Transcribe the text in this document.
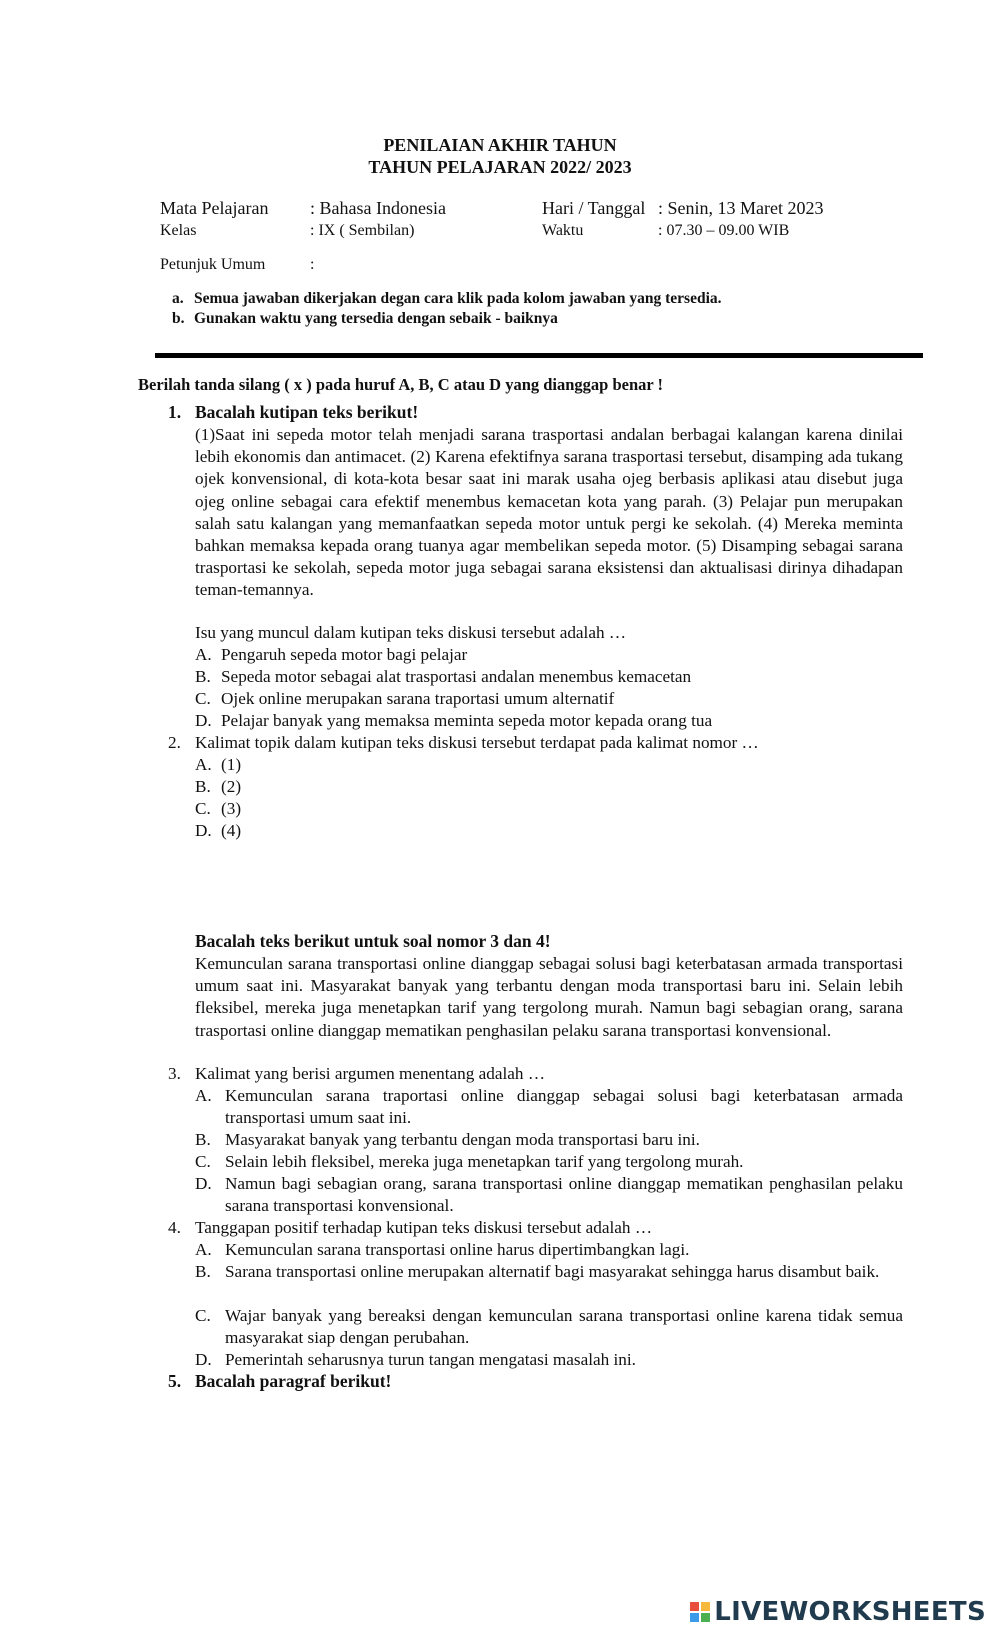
PENILAIAN AKHIR TAHUN
TAHUN PELAJARAN 2022/ 2023
Mata Pelajaran : Bahasa Indonesia	Hari / Tanggal : Senin, 13 Maret 2023
Kelas	: IX ( Sembilan)	Waktu	: 07.30 – 09.00 WIB
Petunjuk Umum	:
a. Semua jawaban dikerjakan degan cara klik pada kolom jawaban yang tersedia.
b. Gunakan waktu yang tersedia dengan sebaik - baiknya
Berilah tanda silang ( x ) pada huruf A, B, C atau D yang dianggap benar !
1. Bacalah kutipan teks berikut!
(1)Saat ini sepeda motor telah menjadi sarana trasportasi andalan berbagai kalangan karena dinilai lebih ekonomis dan antimacet. (2) Karena efektifnya sarana trasportasi tersebut, disamping ada tukang ojek konvensional, di kota-kota besar saat ini marak usaha ojeg berbasis aplikasi atau disebut juga ojeg online sebagai cara efektif menembus kemacetan kota yang parah. (3) Pelajar pun merupakan salah satu kalangan yang memanfaatkan sepeda motor untuk pergi ke sekolah. (4) Mereka meminta bahkan memaksa kepada orang tuanya agar membelikan sepeda motor. (5) Disamping sebagai sarana trasportasi ke sekolah, sepeda motor juga sebagai sarana eksistensi dan aktualisasi dirinya dihadapan teman-temannya.
Isu yang muncul dalam kutipan teks diskusi tersebut adalah …
A. Pengaruh sepeda motor bagi pelajar
B. Sepeda motor sebagai alat trasportasi andalan menembus kemacetan
C. Ojek online merupakan sarana traportasi umum alternatif
D. Pelajar banyak yang memaksa meminta sepeda motor kepada orang tua
2. Kalimat topik dalam kutipan teks diskusi tersebut terdapat pada kalimat nomor …
A. (1)
B. (2)
C. (3)
D. (4)
Bacalah teks berikut untuk soal nomor 3 dan 4!
Kemunculan sarana transportasi online dianggap sebagai solusi bagi keterbatasan armada transportasi umum saat ini. Masyarakat banyak yang terbantu dengan moda transportasi baru ini. Selain lebih fleksibel, mereka juga menetapkan tarif yang tergolong murah. Namun bagi sebagian orang, sarana trasportasi online dianggap mematikan penghasilan pelaku sarana transportasi konvensional.
3. Kalimat yang berisi argumen menentang adalah …
A. Kemunculan sarana traportasi online dianggap sebagai solusi bagi keterbatasan armada transportasi umum saat ini.
B. Masyarakat banyak yang terbantu dengan moda transportasi baru ini.
C. Selain lebih fleksibel, mereka juga menetapkan tarif yang tergolong murah.
D. Namun bagi sebagian orang, sarana transportasi online dianggap mematikan penghasilan pelaku sarana transportasi konvensional.
4. Tanggapan positif terhadap kutipan teks diskusi tersebut adalah …
A. Kemunculan sarana transportasi online harus dipertimbangkan lagi.
B. Sarana transportasi online merupakan alternatif bagi masyarakat sehingga harus disambut baik.
C. Wajar banyak yang bereaksi dengan kemunculan sarana transportasi online karena tidak semua masyarakat siap dengan perubahan.
D. Pemerintah seharusnya turun tangan mengatasi masalah ini.
5. Bacalah paragraf berikut!
LIVEWORKSHEETS
